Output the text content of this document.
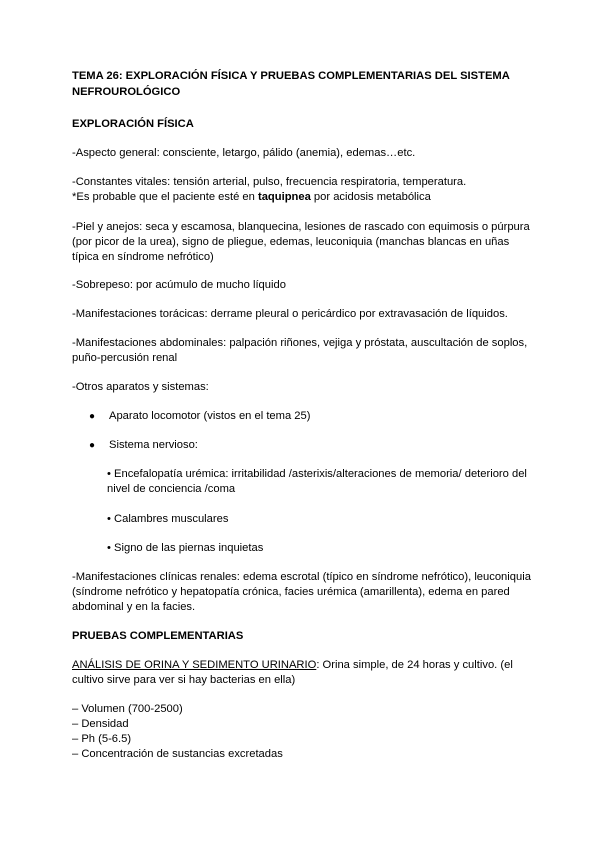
TEMA 26: EXPLORACIÓN FÍSICA Y PRUEBAS COMPLEMENTARIAS DEL SISTEMA
NEFROUROLÓGICO
EXPLORACIÓN FÍSICA
-Aspecto general: consciente, letargo, pálido (anemia), edemas…etc.
-Constantes vitales: tensión arterial, pulso, frecuencia respiratoria, temperatura.
*Es probable que el paciente esté en taquipnea por acidosis metabólica
-Piel y anejos: seca y escamosa, blanquecina, lesiones de rascado con equimosis o púrpura
(por picor de la urea), signo de pliegue, edemas, leuconiquia (manchas blancas en uñas
típica en síndrome nefrótico)
-Sobrepeso: por acúmulo de mucho líquido
-Manifestaciones torácicas: derrame pleural o pericárdico por extravasación de líquidos.
-Manifestaciones abdominales: palpación riñones, vejiga y próstata, auscultación de soplos,
puño-percusión renal
-Otros aparatos y sistemas:
● Aparato locomotor (vistos en el tema 25)
● Sistema nervioso:
• Encefalopatía urémica: irritabilidad /asterixis/alteraciones de memoria/ deterioro del
nivel de conciencia /coma
• Calambres musculares
• Signo de las piernas inquietas
-Manifestaciones clínicas renales: edema escrotal (típico en síndrome nefrótico), leuconiquia
(síndrome nefrótico y hepatopatía crónica, facies urémica (amarillenta), edema en pared
abdominal y en la facies.
PRUEBAS COMPLEMENTARIAS
ANÁLISIS DE ORINA Y SEDIMENTO URINARIO: Orina simple, de 24 horas y cultivo. (el
cultivo sirve para ver si hay bacterias en ella)
– Volumen (700-2500)
– Densidad
– Ph (5-6.5)
– Concentración de sustancias excretadas
